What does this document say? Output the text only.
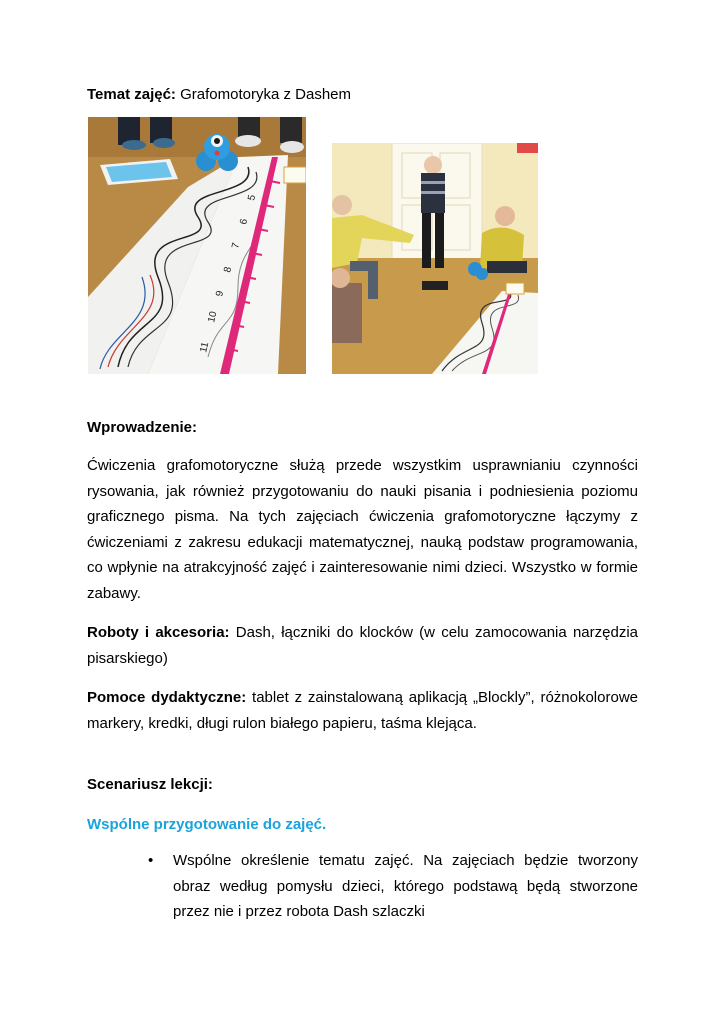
Temat zajęć: Grafomotoryka z Dashem

11
10
9
8
7
6
5

Wprowadzenie:

Ćwiczenia grafomotoryczne służą przede wszystkim usprawnianiu czynności rysowania, jak również przygotowaniu do nauki pisania i podniesienia poziomu graficznego pisma. Na tych zajęciach ćwiczenia grafomotoryczne łączymy z ćwiczeniami z zakresu edukacji matematycznej, nauką podstaw programowania, co wpłynie na atrakcyjność zajęć i zainteresowanie nimi dzieci. Wszystko w formie zabawy.

Roboty i akcesoria: Dash, łączniki do klocków (w celu zamocowania narzędzia pisarskiego)

Pomoce dydaktyczne: tablet z zainstalowaną aplikacją „Blockly”, różnokolorowe markery, kredki, długi rulon białego papieru, taśma klejąca.

Scenariusz lekcji:

Wspólne przygotowanie do zajęć.

•	Wspólne określenie tematu zajęć. Na zajęciach będzie tworzony obraz według pomysłu dzieci, którego podstawą będą stworzone przez nie i przez robota Dash szlaczki
